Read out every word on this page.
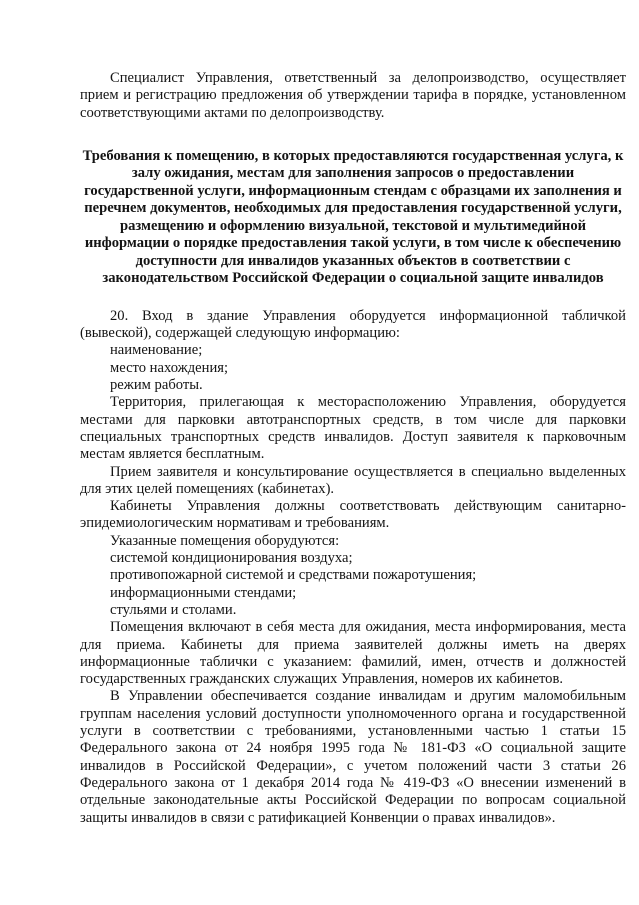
Специалист Управления, ответственный за делопроизводство, осуществляет прием и регистрацию предложения об утверждении тарифа в порядке, установленном соответствующими актами по делопроизводству.

Требования к помещению, в которых предоставляются государственная услуга, к залу ожидания, местам для заполнения запросов о предоставлении государственной услуги, информационным стендам с образцами их заполнения и перечнем документов, необходимых для предоставления государственной услуги, размещению и оформлению визуальной, текстовой и мультимедийной информации о порядке предоставления такой услуги, в том числе к обеспечению доступности для инвалидов указанных объектов в соответствии с законодательством Российской Федерации о социальной защите инвалидов

20. Вход в здание Управления оборудуется информационной табличкой (вывеской), содержащей следующую информацию:

наименование;

место нахождения;

режим работы.

Территория, прилегающая к месторасположению Управления, оборудуется местами для парковки автотранспортных средств, в том числе для парковки специальных транспортных средств инвалидов. Доступ заявителя к парковочным местам является бесплатным.

Прием заявителя и консультирование осуществляется в специально выделенных для этих целей помещениях (кабинетах).

Кабинеты Управления должны соответствовать действующим санитарно-эпидемиологическим нормативам и требованиям.

Указанные помещения оборудуются:

системой кондиционирования воздуха;

противопожарной системой и средствами пожаротушения;

информационными стендами;

стульями и столами.

Помещения включают в себя места для ожидания, места информирования, места для приема. Кабинеты для приема заявителей должны иметь на дверях информационные таблички с указанием: фамилий, имен, отчеств и должностей государственных гражданских служащих Управления, номеров их кабинетов.

В Управлении обеспечивается создание инвалидам и другим маломобильным группам населения условий доступности уполномоченного органа и государственной услуги в соответствии с требованиями, установленными частью 1 статьи 15 Федерального закона от 24 ноября 1995 года № 181-ФЗ «О социальной защите инвалидов в Российской Федерации», с учетом положений части 3 статьи 26 Федерального закона от 1 декабря 2014 года № 419-ФЗ «О внесении изменений в отдельные законодательные акты Российской Федерации по вопросам социальной защиты инвалидов в связи с ратификацией Конвенции о правах инвалидов».
